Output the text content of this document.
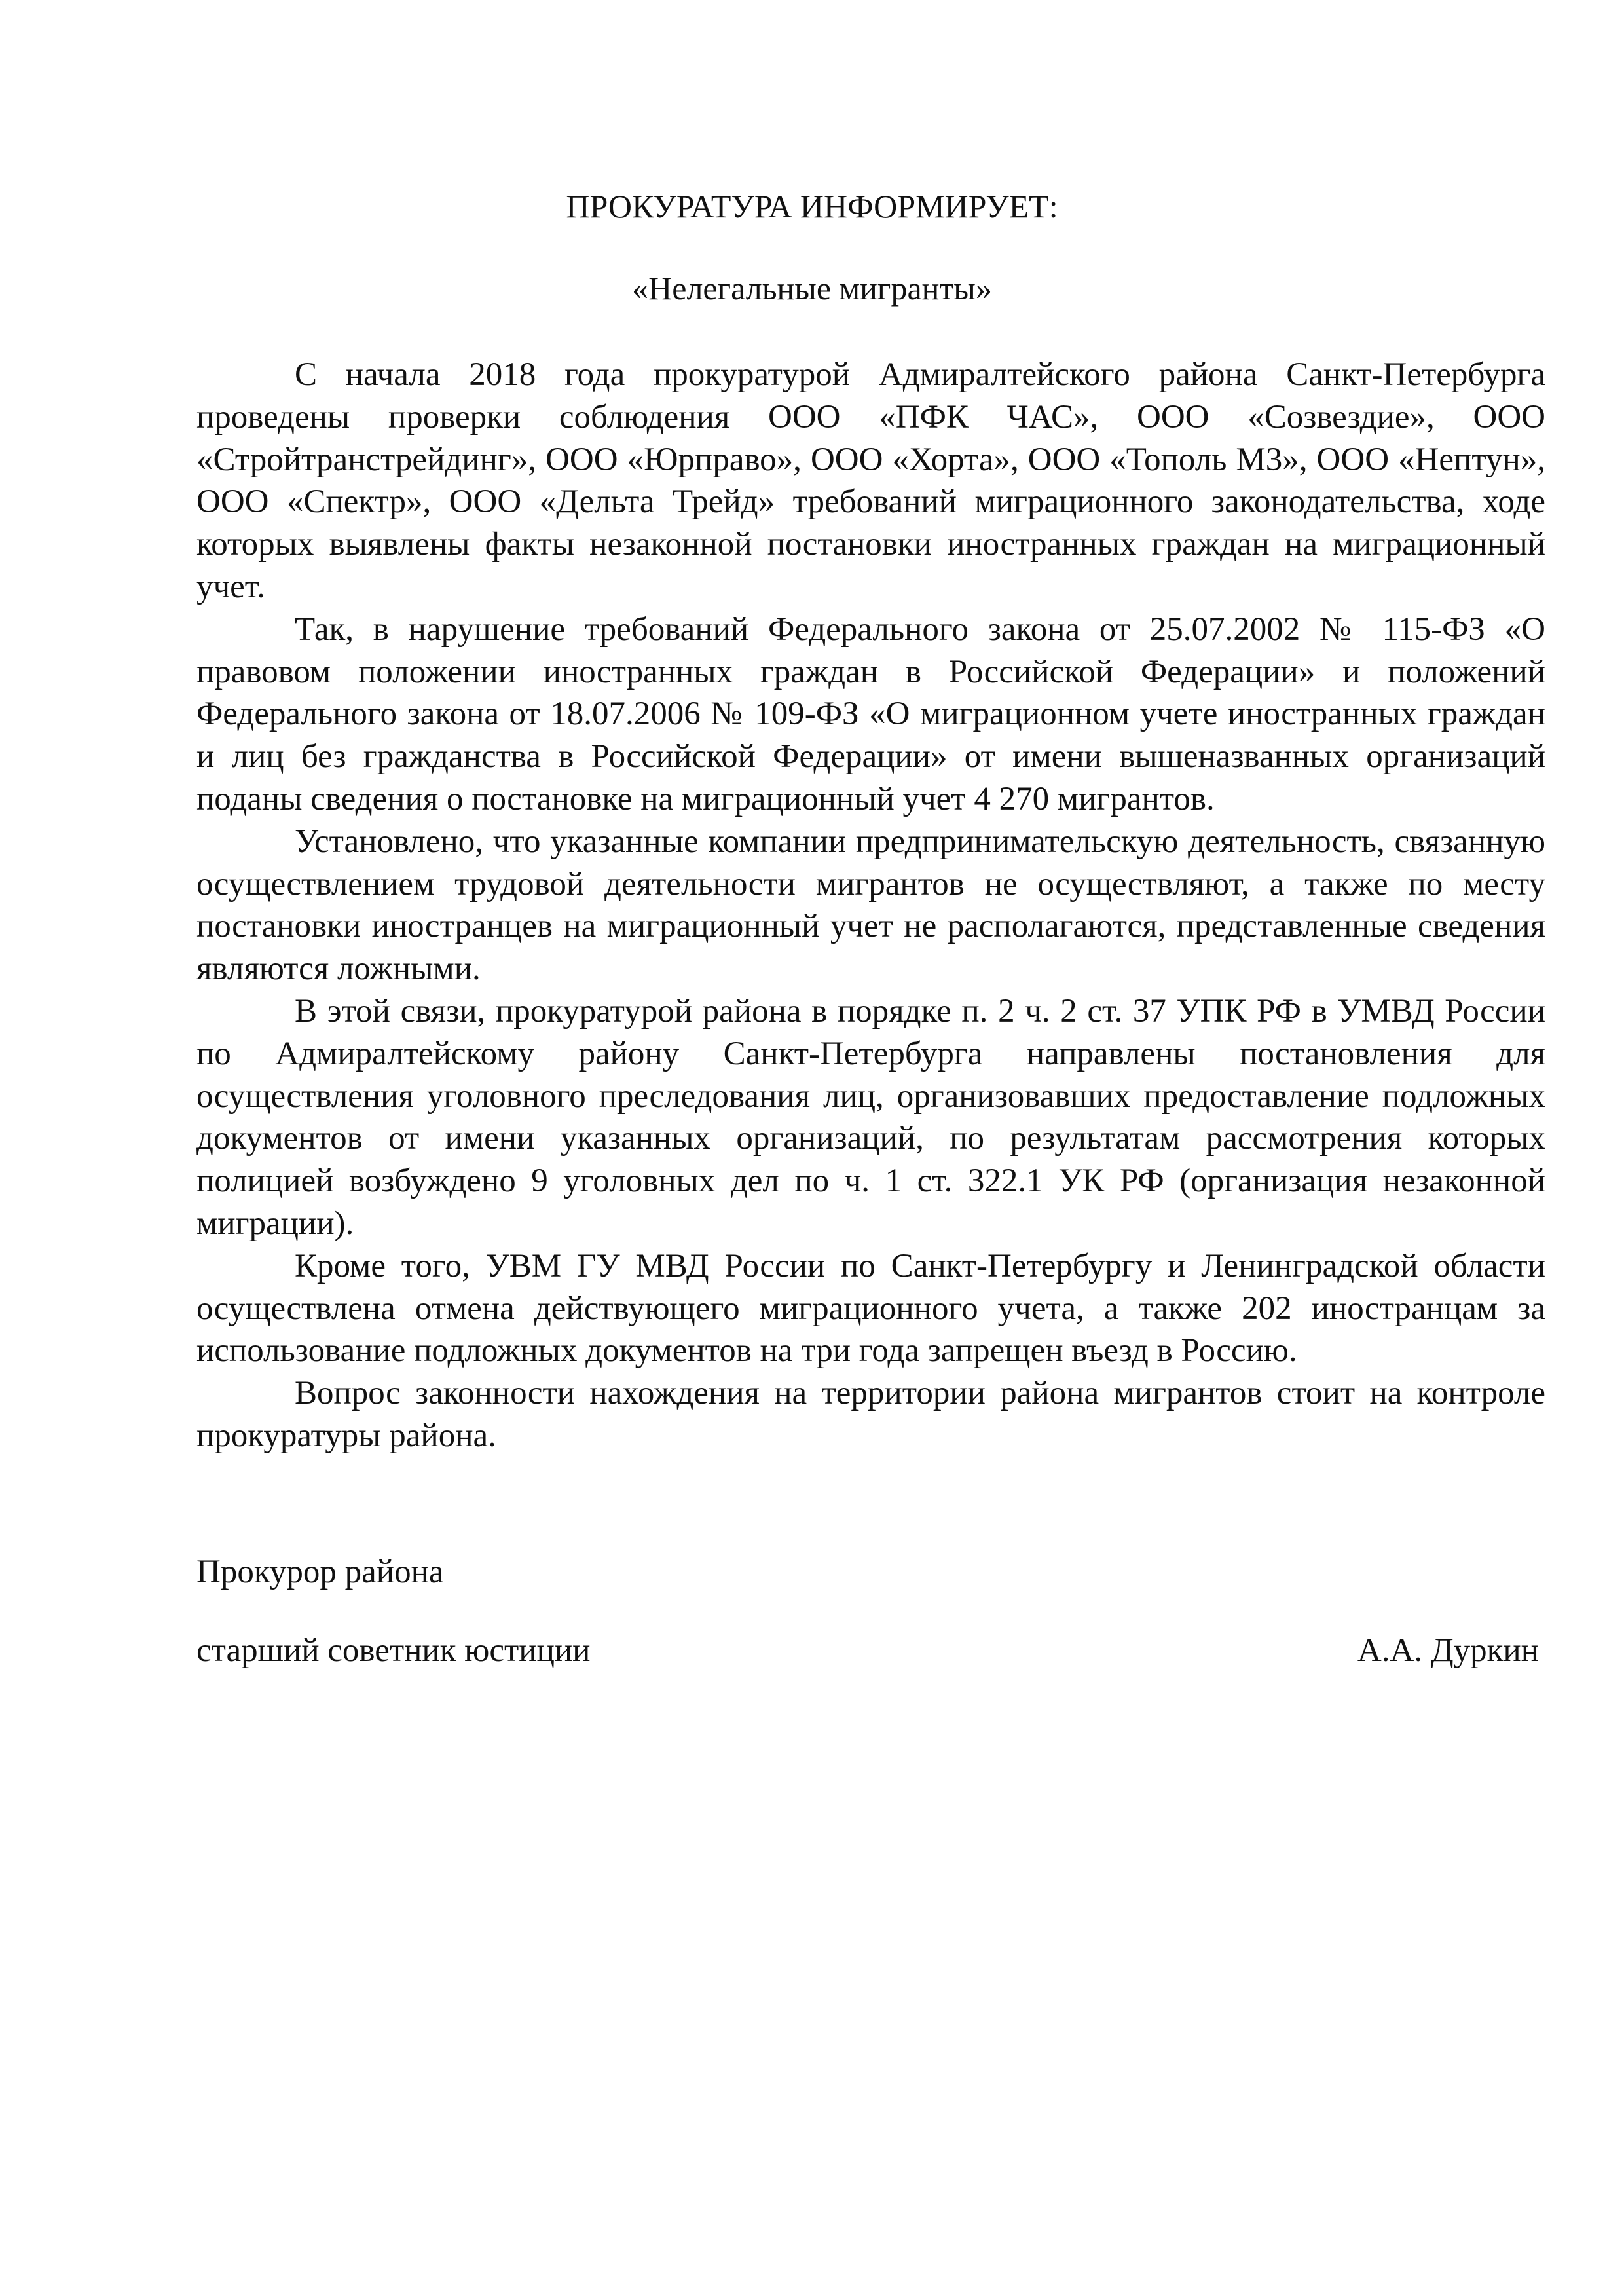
ПРОКУРАТУРА ИНФОРМИРУЕТ:
«Нелегальные мигранты»

С начала 2018 года прокуратурой Адмиралтейского района Санкт-Петербурга проведены проверки соблюдения ООО «ПФК ЧАС», ООО «Созвездие», ООО «Стройтранстрейдинг», ООО «Юрправо», ООО «Хорта», ООО «Тополь М3», ООО «Нептун», ООО «Спектр», ООО «Дельта Трейд» требований миграционного законодательства, ходе которых выявлены факты незаконной постановки иностранных граждан на миграционный учет.

Так, в нарушение требований Федерального закона от 25.07.2002 № 115-ФЗ «О правовом положении иностранных граждан в Российской Федерации» и положений Федерального закона от 18.07.2006 № 109-ФЗ «О миграционном учете иностранных граждан и лиц без гражданства в Российской Федерации» от имени вышеназванных организаций поданы сведения о постановке на миграционный учет 4 270 мигрантов.

Установлено, что указанные компании предпринимательскую деятельность, связанную осуществлением трудовой деятельности мигрантов не осуществляют, а также по месту постановки иностранцев на миграционный учет не располагаются, представленные сведения являются ложными.

В этой связи, прокуратурой района в порядке п. 2 ч. 2 ст. 37 УПК РФ в УМВД России по Адмиралтейскому району Санкт-Петербурга направлены постановления для осуществления уголовного преследования лиц, организовавших предоставление подложных документов от имени указанных организаций, по результатам рассмотрения которых полицией возбуждено 9 уголовных дел по ч. 1 ст. 322.1 УК РФ (организация незаконной миграции).

Кроме того, УВМ ГУ МВД России по Санкт-Петербургу и Ленинградской области осуществлена отмена действующего миграционного учета, а также 202 иностранцам за использование подложных документов на три года запрещен въезд в Россию.

Вопрос законности нахождения на территории района мигрантов стоит на контроле прокуратуры района.

Прокурор района
старший советник юстиции	А.А. Дуркин
